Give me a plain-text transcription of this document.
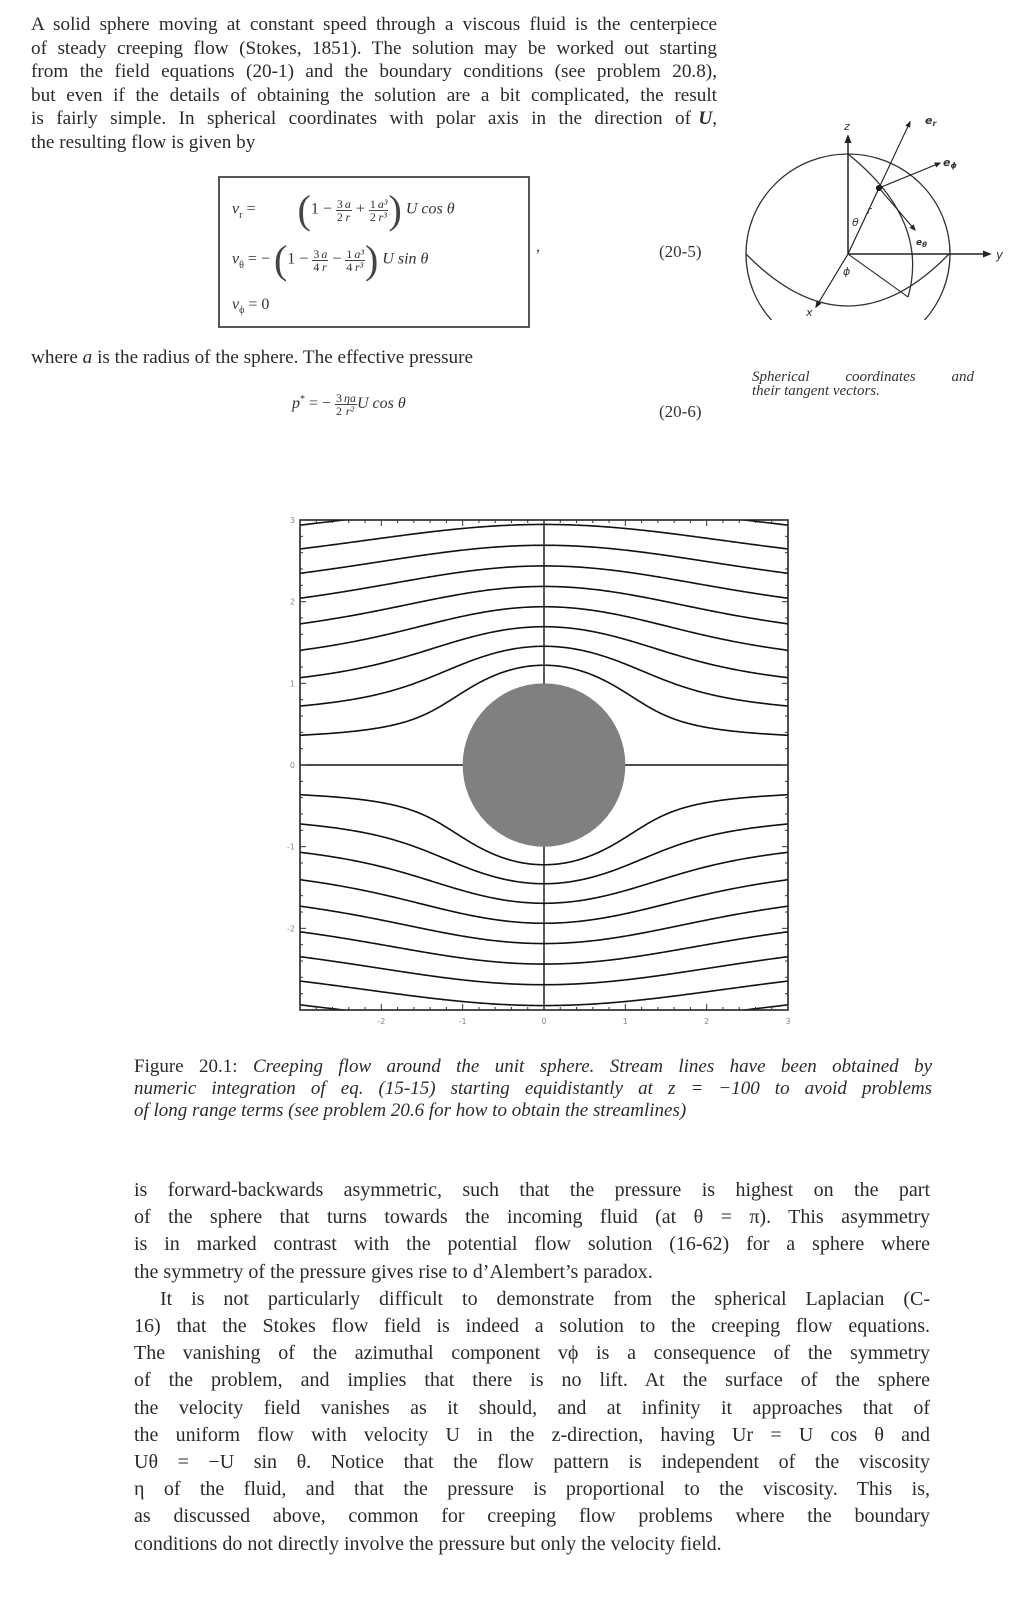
A solid sphere moving at constant speed through a viscous fluid is the centerpiece
of steady creeping flow (Stokes, 1851). The solution may be worked out starting
from the field equations (20-1) and the boundary conditions (see problem 20.8),
but even if the details of obtaining the solution are a bit complicated, the result
is fairly simple. In spherical coordinates with polar axis in the direction of U,
the resulting flow is given by
$v_r = (1 - \frac{3}{2} \frac{a}{r} + \frac{1}{2} \frac{\text{a³}}{\text{r³}}$ ) U cos θ
$v_\theta$ = − ($1 - \frac{3}{4} \frac{a}{r} - \frac{1}{4} \frac{\text{a³}}{\text{r³}}$ ) U sin θ
$v_\phi = 0$
,	(20-5)
where a is the radius of the sphere. The effective pressure
p* = − $\frac{3}{2} \frac{\eta a}{\text{r²}}$ U cos θ	(20-6)
z
y
x
er
eϕ
$e_\theta$
θ
r
ϕ
Spherical coordinates and
their tangent vectors.
-2	-1	0	1	2	3
3
2
1
0
-1
-2
Figure 20.1: Creeping flow around the unit sphere. Stream lines have been obtained by
numeric integration of eq. (15-15) starting equidistantly at z = −100 to avoid problems
of long range terms (see problem 20.6 for how to obtain the streamlines)
is forward-backwards asymmetric, such that the pressure is highest on the part
of the sphere that turns towards the incoming fluid (at θ = π). This asymmetry
is in marked contrast with the potential flow solution (16-62) for a sphere where
the symmetry of the pressure gives rise to d’Alembert’s paradox.
It is not particularly difficult to demonstrate from the spherical Laplacian (C-
16) that the Stokes flow field is indeed a solution to the creeping flow equations.
The vanishing of the azimuthal component vϕ is a consequence of the symmetry
of the problem, and implies that there is no lift. At the surface of the sphere
the velocity field vanishes as it should, and at infinity it approaches that of
the uniform flow with velocity U in the z-direction, having Ur = U cos θ and
Uθ = −U sin θ. Notice that the flow pattern is independent of the viscosity
η of the fluid, and that the pressure is proportional to the viscosity. This is,
as discussed above, common for creeping flow problems where the boundary
conditions do not directly involve the pressure but only the velocity field.
